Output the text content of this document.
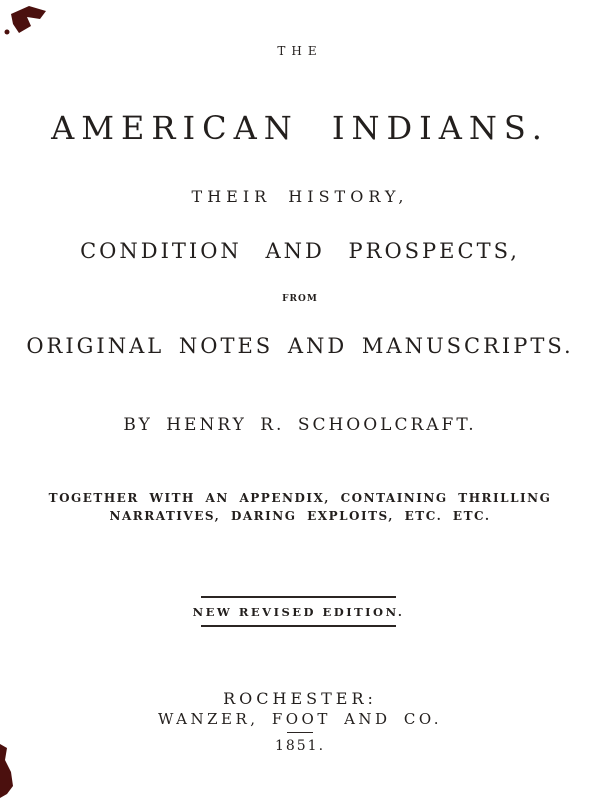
THE
AMERICAN INDIANS.
THEIR HISTORY,
CONDITION AND PROSPECTS,
FROM
ORIGINAL NOTES AND MANUSCRIPTS.
BY HENRY R. SCHOOLCRAFT.
TOGETHER WITH AN APPENDIX, CONTAINING THRILLING
NARRATIVES, DARING EXPLOITS, ETC. ETC.
NEW REVISED EDITION.
ROCHESTER:
WANZER, FOOT AND CO.
1851.
